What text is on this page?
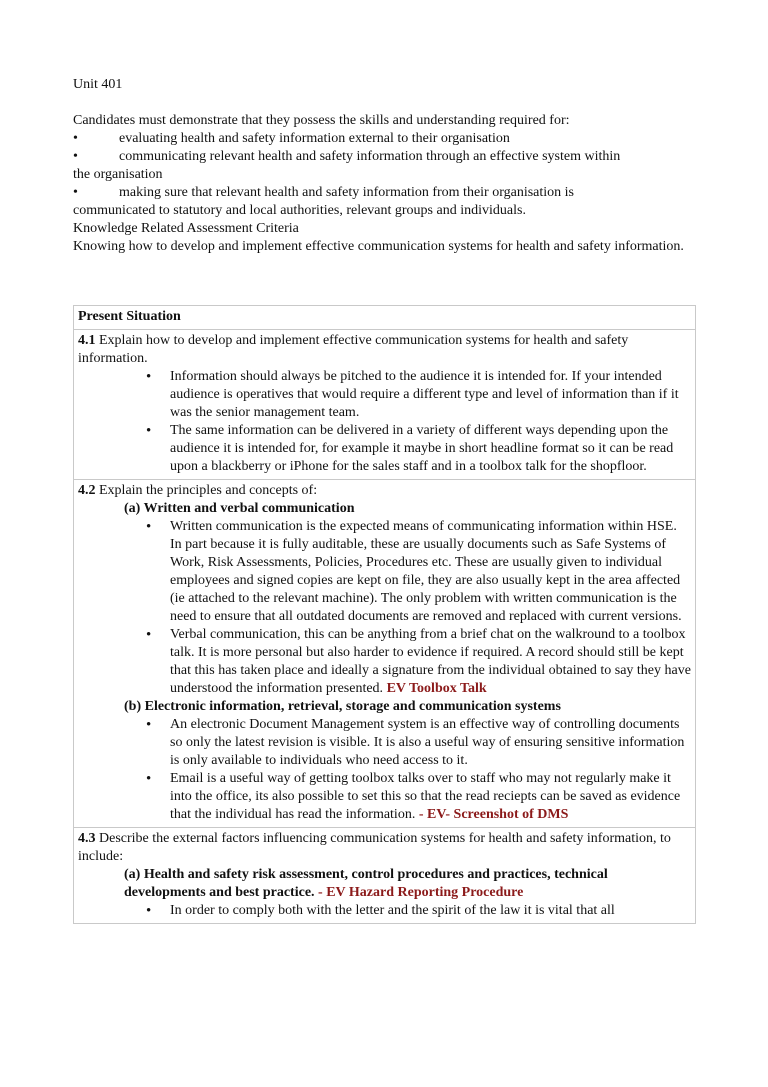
Unit 401

Candidates must demonstrate that they possess the skills and understanding required for:

•	evaluating health and safety information external to their organisation
•	communicating relevant health and safety information through an effective system within

the organisation

•	making sure that relevant health and safety information from their organisation is

communicated to statutory and local authorities, relevant groups and individuals.

Knowledge Related Assessment Criteria

Knowing how to develop and implement effective communication systems for health and safety information.

Present Situation

4.1 Explain how to develop and implement effective communication systems for health and safety information.
• Information should always be pitched to the audience it is intended for. If your intended audience is operatives that would require a different type and level of information than if it was the senior management team.
• The same information can be delivered in a variety of different ways depending upon the audience it is intended for, for example it maybe in short headline format so it can be read upon a blackberry or iPhone for the sales staff and in a toolbox talk for the shopfloor.

4.2 Explain the principles and concepts of:
(a) Written and verbal communication
• Written communication is the expected means of communicating information within HSE. In part because it is fully auditable, these are usually documents such as Safe Systems of Work, Risk Assessments, Policies, Procedures etc. These are usually given to individual employees and signed copies are kept on file, they are also usually kept in the area affected (ie attached to the relevant machine). The only problem with written communication is the need to ensure that all outdated documents are removed and replaced with current versions.
• Verbal communication, this can be anything from a brief chat on the walkround to a toolbox talk. It is more personal but also harder to evidence if required. A record should still be kept that this has taken place and ideally a signature from the individual obtained to say they have understood the information presented. EV Toolbox Talk
(b) Electronic information, retrieval, storage and communication systems
• An electronic Document Management system is an effective way of controlling documents so only the latest revision is visible. It is also a useful way of ensuring sensitive information is only available to individuals who need access to it.
• Email is a useful way of getting toolbox talks over to staff who may not regularly make it into the office, its also possible to set this so that the read reciepts can be saved as evidence that the individual has read the information. - EV- Screenshot of DMS

4.3 Describe the external factors influencing communication systems for health and safety information, to include:
(a) Health and safety risk assessment, control procedures and practices, technical developments and best practice. - EV Hazard Reporting Procedure
• In order to comply both with the letter and the spirit of the law it is vital that all
